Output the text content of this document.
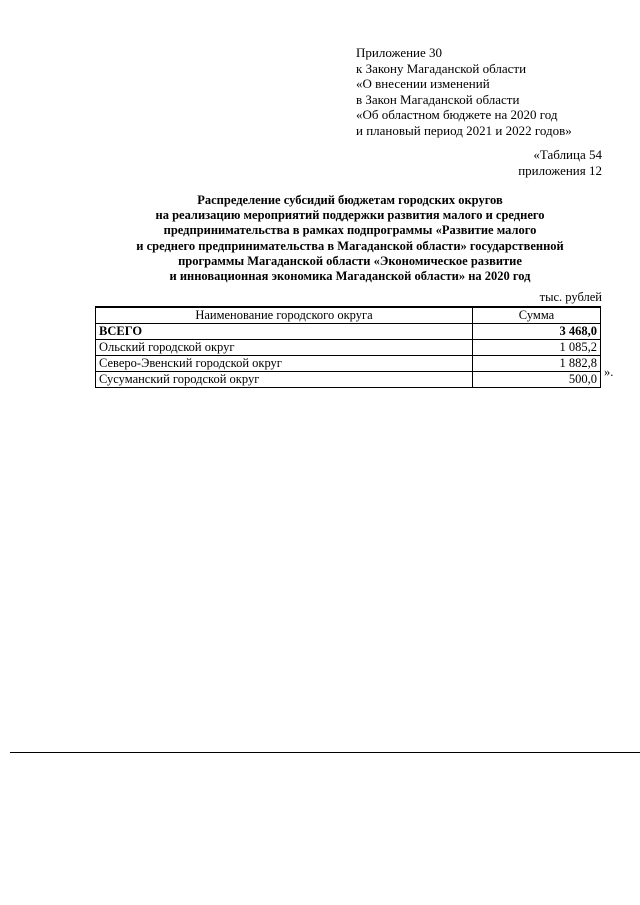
Приложение 30
к Закону Магаданской области
«О внесении изменений
в Закон Магаданской области
«Об областном бюджете на 2020 год
и плановый период 2021 и 2022 годов»
«Таблица 54
приложения 12
Распределение субсидий бюджетам городских округов
на реализацию мероприятий поддержки развития малого и среднего
предпринимательства в рамках подпрограммы «Развитие малого
и среднего предпринимательства в Магаданской области» государственной
программы Магаданской области «Экономическое развитие
и инновационная экономика Магаданской области» на 2020 год
тыс. рублей
Наименование городского округа	Сумма
ВСЕГО	3 468,0
Ольский городской округ	1 085,2
Северо-Эвенский городской округ	1 882,8
Сусуманский городской округ	500,0 ».
